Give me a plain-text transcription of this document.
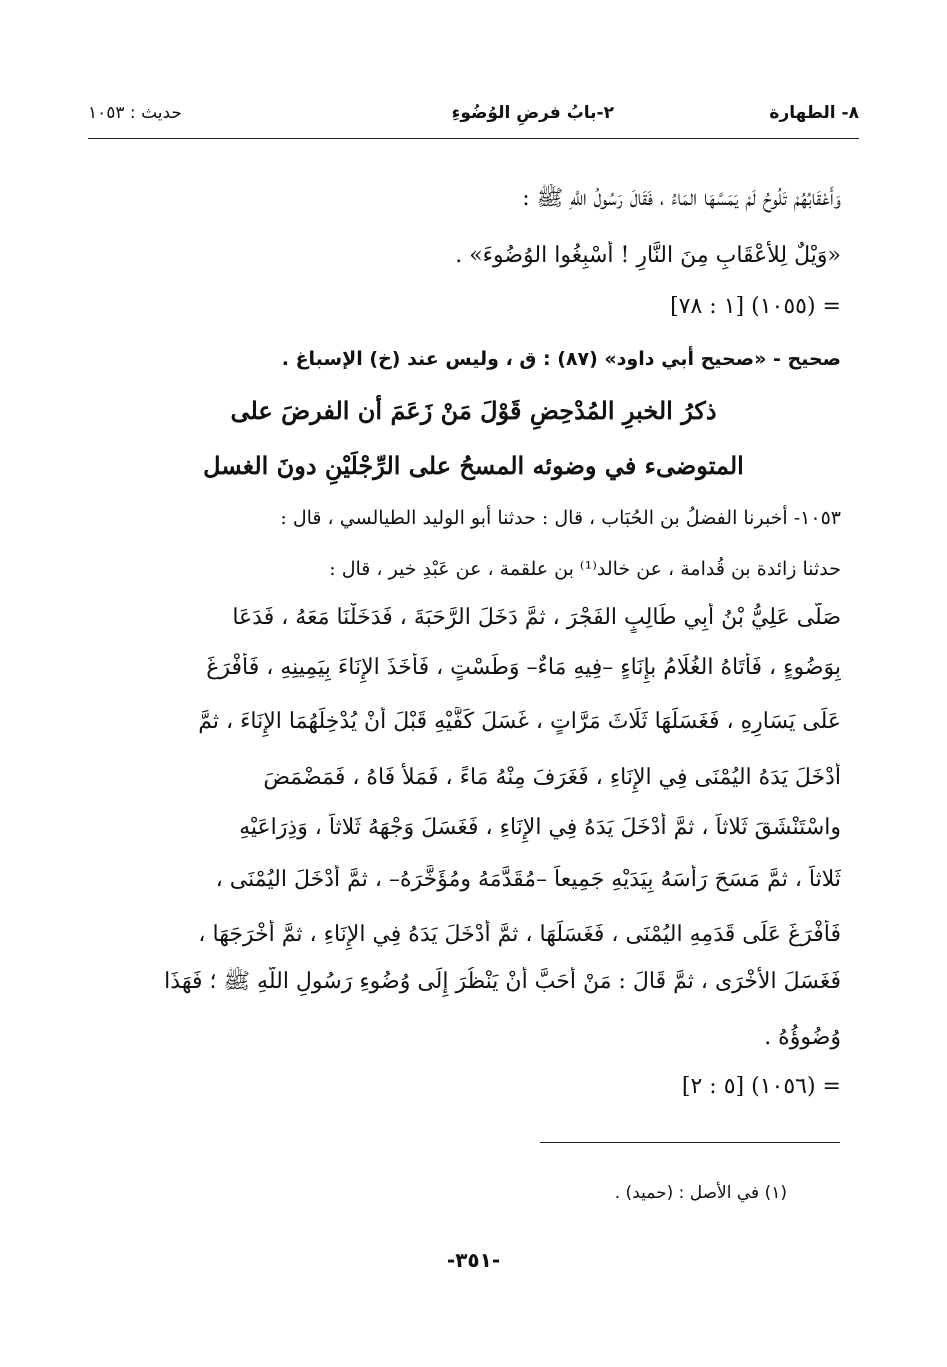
٨- الطهارة
٢-بابُ فرضِ الوُضُوءِ
حديث : ١٠٥٣
وَأَعْقَابُهُمْ تَلُوحُ لَمْ يَمَسَّهَا المَاءُ ، فَقَالَ رَسُولُ اللَّهِ ﷺ :
«وَيْلٌ لِلأَعْقَابِ مِنَ النَّارِ ! أَسْبِغُوا الوُضُوءَ» .
= (١٠٥٥) [١ : ٧٨]
صحيح - «صحيح أبي داود» (٨٧) : ق ، وليس عند (خ) الإسباغ .
ذكرُ الخبرِ المُدْحِضِ قَوْلَ مَنْ زَعَمَ أن الفرضَ على
المتوضىء في وضوئه المسحُ على الرِّجْلَيْنِ دونَ الغسل
١٠٥٣- أخبرنا الفضلُ بن الحُبَاب ، قال : حدثنا أبو الوليد الطيالسي ، قال :
حدثنا زائدة بن قُدامة ، عن خالد⁽¹⁾ بن علقمة ، عن عَبْدِ خير ، قال :
صَلَّى عَلِيُّ بْنُ أَبِي طَالِبٍ الفَجْرَ ، ثمَّ دَخَلَ الرَّحَبَةَ ، فَدَخَلْنَا مَعَهُ ، فَدَعَا
بِوَضُوءٍ ، فَأَتَاهُ الغُلَامُ بإِنَاءٍ –فِيهِ مَاءٌ– وَطَسْتٍ ، فَأَخَذَ الإِنَاءَ بِيَمِينِهِ ، فَأَفْرَغَ
عَلَى يَسَارِهِ ، فَغَسَلَهَا ثَلَاثَ مَرَّاتٍ ، غَسَلَ كَفَّيْهِ قَبْلَ أَنْ يُدْخِلَهُمَا الإِنَاءَ ، ثمَّ
أَدْخَلَ يَدَهُ اليُمْنَى فِي الإِنَاءِ ، فَغَرَفَ مِنْهُ مَاءً ، فَمَلأَ فَاهُ ، فَمَضْمَضَ
واسْتَنْشَقَ ثَلاثاً ، ثمَّ أَدْخَلَ يَدَهُ فِي الإِنَاءِ ، فَغَسَلَ وَجْهَهُ ثَلاثاً ، وَذِرَاعَيْهِ
ثَلاثاً ، ثمَّ مَسَحَ رَأْسَهُ بِيَدَيْهِ جَمِيعاً –مُقَدَّمَهُ ومُؤَخَّرَهُ– ، ثمَّ أَدْخَلَ اليُمْنَى ،
فَأَفْرَغَ عَلَى قَدَمِهِ اليُمْنَى ، فَغَسَلَهَا ، ثمَّ أَدْخَلَ يَدَهُ فِي الإِنَاءِ ، ثمَّ أَخْرَجَهَا ،
فَغَسَلَ الأُخْرَى ، ثمَّ قَالَ : مَنْ أَحَبَّ أَنْ يَنْظُرَ إِلَى وُضُوءِ رَسُولِ اللَّهِ ﷺ ؛ فَهَذَا
وُضُوؤُهُ .
= (١٠٥٦) [٥ : ٢]
(١) في الأصل : (حميد) .
-٣٥١-
